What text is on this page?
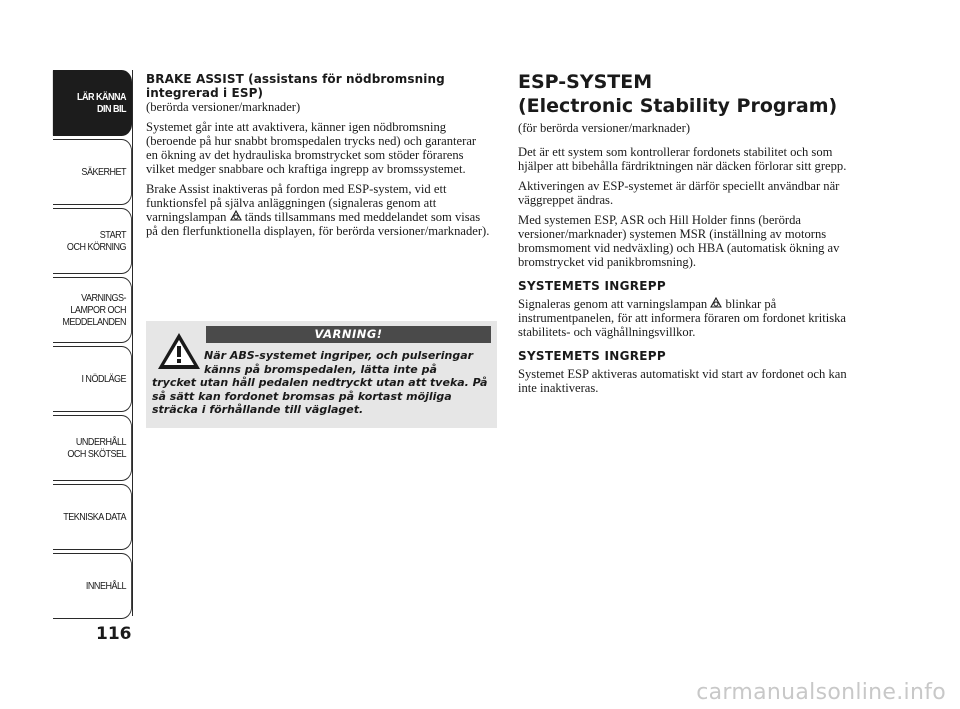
LÄR KÄNNA
DIN BIL
SÄKERHET
START
OCH KÖRNING
VARNINGS-
LAMPOR OCH
MEDDELANDEN
I NÖDLÄGE
UNDERHÅLL
OCH SKÖTSEL
TEKNISKA DATA
INNEHÅLL
116
BRAKE ASSIST (assistans för nödbromsning integrerad i ESP)

(berörda versioner/marknader)

Systemet går inte att avaktivera, känner igen nödbromsning (beroende på hur snabbt bromspedalen trycks ned) och garanterar en ökning av det hydrauliska bromstrycket som stöder förarens vilket medger snabbare och kraftiga ingrepp av bromssystemet.

Brake Assist inaktiveras på fordon med ESP-system, vid ett funktionsfel på själva anläggningen (signaleras genom att varningslampan tänds tillsammans med meddelandet som visas på den flerfunktionella displayen, för berörda versioner/marknader).

VARNING!
När ABS-systemet ingriper, och pulseringar känns på bromspedalen, lätta inte på
trycket utan håll pedalen nedtryckt utan att tveka. På så sätt kan fordonet bromsas på kortast möjliga sträcka i förhållande till väglaget.
ESP-SYSTEM
(Electronic Stability Program)

(för berörda versioner/marknader)

Det är ett system som kontrollerar fordonets stabilitet och som hjälper att bibehålla färdriktningen när däcken förlorar sitt grepp.

Aktiveringen av ESP-systemet är därför speciellt användbar när väggreppet ändras.

Med systemen ESP, ASR och Hill Holder finns (berörda versioner/marknader) systemen MSR (inställning av motorns bromsmoment vid nedväxling) och HBA (automatisk ökning av bromstrycket vid panikbromsning).

SYSTEMETS INGREPP

Signaleras genom att varningslampan blinkar på instrumentpanelen, för att informera föraren om fordonet kritiska stabilitets- och väghållningsvillkor.

SYSTEMETS INGREPP

Systemet ESP aktiveras automatiskt vid start av fordonet och kan inte inaktiveras.

carmanualsonline.info
